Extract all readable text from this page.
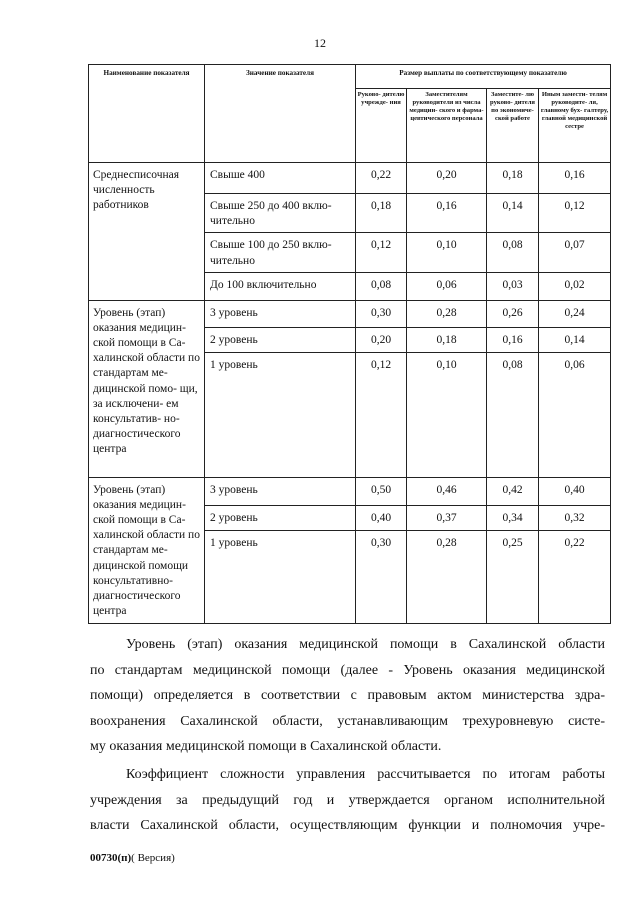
12
Наименование показателя	Значение показателя	Размер выплаты по соответствующему показателю			
		Руково- дителю учрежде- ния	Заместителям руководителя из числа медицин- ского и фарма- цевтического персонала	Заместите- лю руково- дителя по экономиче- ской работе	Иным замести- телям руководите- ля, главному бух- галтеру, главной медицинской сестре
Среднесписочная численность работников	Свыше 400	0,22	0,20	0,18	0,16
	Свыше 250 до 400 вклю- чительно	0,18	0,16	0,14	0,12
	Свыше 100 до 250 вклю- чительно	0,12	0,10	0,08	0,07
	До 100 включительно	0,08	0,06	0,03	0,02
Уровень (этап) оказания медицин- ской помощи в Са- халинской области по стандартам ме- дицинской помо- щи, за исключени- ем консультатив- но- диагностического центра	3 уровень	0,30	0,28	0,26	0,24
	2 уровень	0,20	0,18	0,16	0,14
	1 уровень	0,12	0,10	0,08	0,06
Уровень (этап) оказания медицин- ской помощи в Са- халинской области по стандартам ме- дицинской помощи консультативно- диагностического центра	3 уровень	0,50	0,46	0,42	0,40
	2 уровень	0,40	0,37	0,34	0,32
	1 уровень	0,30	0,28	0,25	0,22
Уровень (этап) оказания медицинской помощи в Сахалинской области
по стандартам медицинской помощи (далее - Уровень оказания медицинской
помощи) определяется в соответствии с правовым актом министерства здра-
воохранения Сахалинской области, устанавливающим трехуровневую систе-
му оказания медицинской помощи в Сахалинской области.
Коэффициент сложности управления рассчитывается по итогам работы
учреждения за предыдущий год и утверждается органом исполнительной
власти Сахалинской области, осуществляющим функции и полномочия учре-
00730(п)( Версия)
